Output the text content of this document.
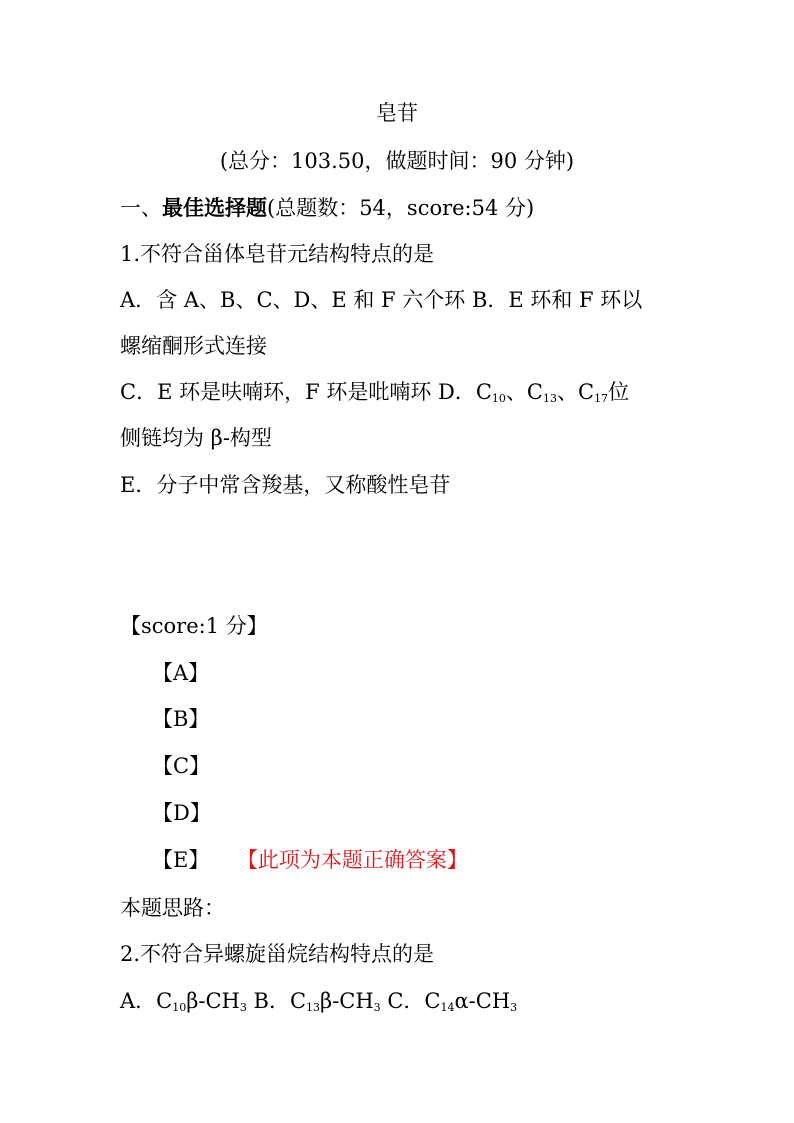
皂苷
(总分：103.50，做题时间：90 分钟)
一、最佳选择题(总题数：54，score:54 分)
1.不符合甾体皂苷元结构特点的是
A．含 A、B、C、D、E 和 F 六个环 B．E 环和 F 环以
螺缩酮形式连接
C．E 环是呋喃环，F 环是吡喃环 D．$C_{10}$、$C_{13}$、$C_{17}$位
侧链均为 β-构型
E．分子中常含羧基，又称酸性皂苷
【score:1 分】
【A】
【B】
【C】
【D】
【E】 【此项为本题正确答案】
本题思路：
2.不符合异螺旋甾烷结构特点的是
A．$C_{10}\beta-CH_3$ B．$C_{13}\beta-CH_3$ C．$C_{14}\alpha-CH_3$
